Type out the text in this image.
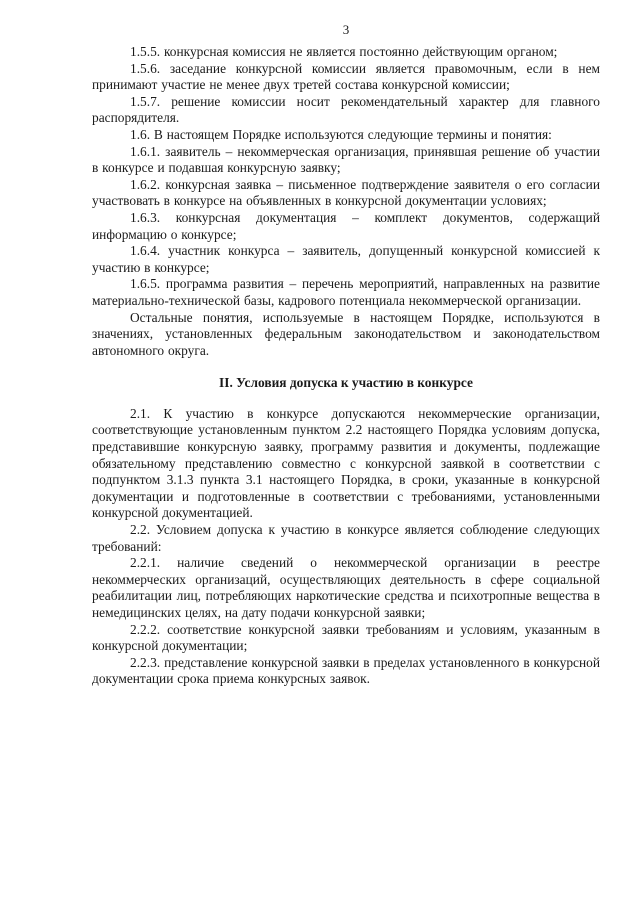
3

1.5.5. конкурсная комиссия не является постоянно действующим органом;

1.5.6. заседание конкурсной комиссии является правомочным, если в нем принимают участие не менее двух третей состава конкурсной комиссии;

1.5.7. решение комиссии носит рекомендательный характер для главного распорядителя.

1.6. В настоящем Порядке используются следующие термины и понятия:

1.6.1. заявитель – некоммерческая организация, принявшая решение об участии в конкурсе и подавшая конкурсную заявку;

1.6.2. конкурсная заявка – письменное подтверждение заявителя о его согласии участвовать в конкурсе на объявленных в конкурсной документации условиях;

1.6.3. конкурсная документация – комплект документов, содержащий информацию о конкурсе;

1.6.4. участник конкурса – заявитель, допущенный конкурсной комиссией к участию в конкурсе;

1.6.5. программа развития – перечень мероприятий, направленных на развитие материально-технической базы, кадрового потенциала некоммерческой организации.

Остальные понятия, используемые в настоящем Порядке, используются в значениях, установленных федеральным законодательством и законодательством автономного округа.

II. Условия допуска к участию в конкурсе

2.1. К участию в конкурсе допускаются некоммерческие организации, соответствующие установленным пунктом 2.2 настоящего Порядка условиям допуска, представившие конкурсную заявку, программу развития и документы, подлежащие обязательному представлению совместно с конкурсной заявкой в соответствии с подпунктом 3.1.3 пункта 3.1 настоящего Порядка, в сроки, указанные в конкурсной документации и подготовленные в соответствии с требованиями, установленными конкурсной документацией.

2.2. Условием допуска к участию в конкурсе является соблюдение следующих требований:

2.2.1. наличие сведений о некоммерческой организации в реестре некоммерческих организаций, осуществляющих деятельность в сфере социальной реабилитации лиц, потребляющих наркотические средства и психотропные вещества в немедицинских целях, на дату подачи конкурсной заявки;

2.2.2. соответствие конкурсной заявки требованиям и условиям, указанным в конкурсной документации;

2.2.3. представление конкурсной заявки в пределах установленного в конкурсной документации срока приема конкурсных заявок.
